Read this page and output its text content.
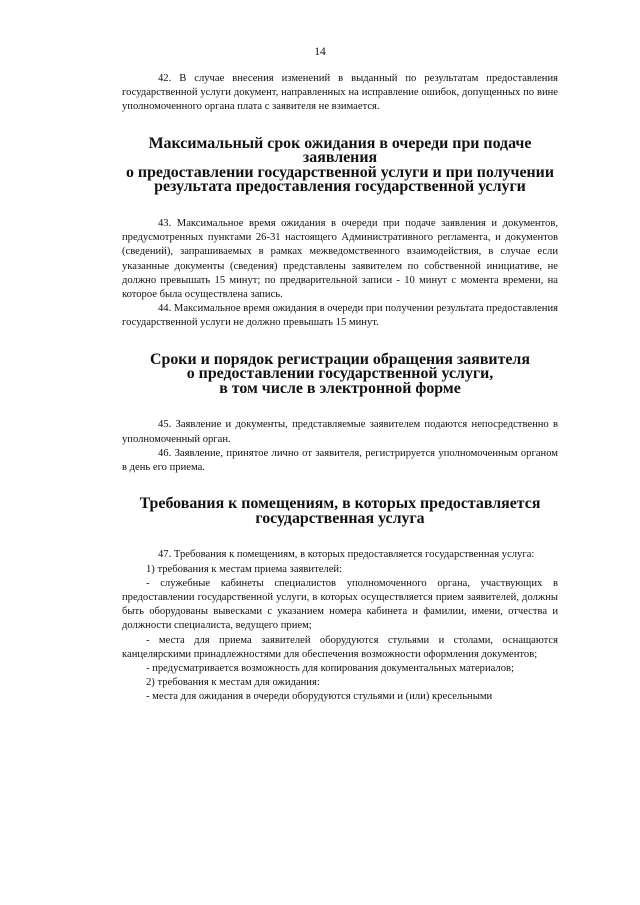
14

42. В случае внесения изменений в выданный по результатам предоставления государственной услуги документ, направленных на исправление ошибок, допущенных по вине уполномоченного органа плата с заявителя не взимается.

Максимальный срок ожидания в очереди при подаче заявления
о предоставлении государственной услуги и при получении
результата предоставления государственной услуги

43. Максимальное время ожидания в очереди при подаче заявления и документов, предусмотренных пунктами 26-31 настоящего Административного регламента, и документов (сведений), запрашиваемых в рамках межведомственного взаимодействия, в случае если указанные документы (сведения) представлены заявителем по собственной инициативе, не должно превышать 15 минут; по предварительной записи - 10 минут с момента времени, на которое была осуществлена запись.

44. Максимальное время ожидания в очереди при получении результата предоставления государственной услуги не должно превышать 15 минут.

Сроки и порядок регистрации обращения заявителя
о предоставлении государственной услуги,
в том числе в электронной форме

45. Заявление и документы, представляемые заявителем подаются непосредственно в уполномоченный орган.

46. Заявление, принятое лично от заявителя, регистрируется уполномоченным органом в день его приема.

Требования к помещениям, в которых предоставляется
государственная услуга

47. Требования к помещениям, в которых предоставляется государственная услуга:

1) требования к местам приема заявителей:

- служебные кабинеты специалистов уполномоченного органа, участвующих в предоставлении государственной услуги, в которых осуществляется прием заявителей, должны быть оборудованы вывесками с указанием номера кабинета и фамилии, имени, отчества и должности специалиста, ведущего прием;

- места для приема заявителей оборудуются стульями и столами, оснащаются канцелярскими принадлежностями для обеспечения возможности оформления документов;

- предусматривается возможность для копирования документальных материалов;

2) требования к местам для ожидания:

- места для ожидания в очереди оборудуются стульями и (или) кресельными
